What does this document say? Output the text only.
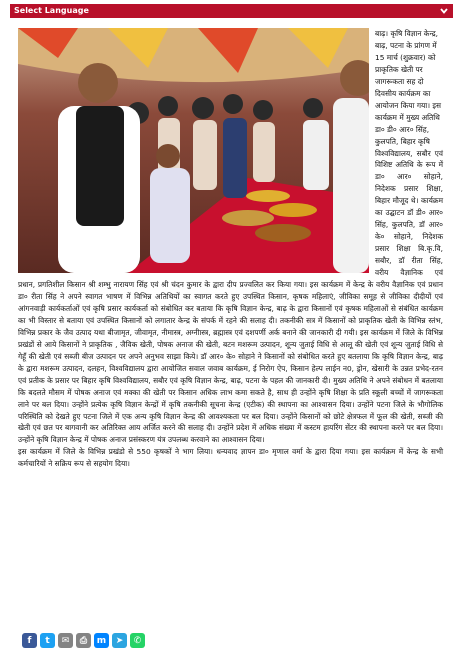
Select Language

बाढ़। कृषि विज्ञान केन्द्र, बाढ़, पटना के प्रांगण में 15 मार्च (शुक्रवार) को प्राकृतिक खेती पर जागरूकता सह दो दिवसीय कार्यक्रम का आयोजन किया गया। इस कार्यक्रम में मुख्य अतिथि डा० डी० आर० सिंह, कुलपति, बिहार कृषि

विश्वविद्यालय, सबौर एवं विशिष्ट अतिथि के रूप में डा० आर० सोहाने, निदेशक प्रसार शिक्षा, बिहार मौजूद थे। कार्यक्रम का उद्घाटन डॉ डी० आर० सिंह, कुलपति, डॉ आर० के० सोहाने, निदेशक प्रसार शिक्षा बि.कृ.वि, सबौर, डॉ रीता सिंह, वरीय वैज्ञानिक एवं प्रधान, प्रगतिशील किसान श्री शम्भु नारायण सिंह एवं श्री चंदन कुमार के द्वारा दीप प्रज्वलित कर किया गया। इस कार्यक्रम में केन्द्र के वरीय वैज्ञानिक एवं प्रधान डा० रीता सिंह ने अपने स्वागत भाषण में विभिन्न अतिथियों का स्वागत करते हुए उपस्थित किसान, कृषक महिलाएं, जीविका समूह से जीविका दीदीयों एवं आंगनवाड़ी कार्यकर्ताओं एवं कृषि प्रसार कार्यकर्ता को संबोधित कर बताया कि कृषि विज्ञान केन्द्र, बाढ़ के द्वारा किसानों एवं कृषक महिलाओं से संबंधित कार्यक्रम का भी विस्तार से बताया एवं उपस्थित किसानों को लगातार केन्द्र के संपर्क में रहने की सलाह दी। तकनीकी सत्र में किसानों को प्राकृतिक खेती के विभिन्न स्तंभ, विभिन्न प्रकार के जैव उत्पाद यथा बीजामृत, जीवामृत, नीमास्त्र, अग्नीास्त्र, ब्रह्मास्त्र एवं दशपर्णी अर्क बनाने की जानकारी दी गयी। इस कार्यक्रम में जिले के विभिन्न प्रखंडों से आये किसानों ने प्राकृतिक , जैविक खेती, पोषक अनाज की खेती, बटन मशरूम उत्पादन, शून्य जुताई विधि से आलू की खेती एवं शून्य जुताई विधि से गेहूँ की खेती एवं सब्जी बीज उत्पादन पर अपने अनुभव साझा किये। डॉ आर० के० सोहाने ने किसानों को संबोधित करते हुए बतलाया कि कृषि विज्ञान केन्द्र, बाढ़ के द्वारा मशरूम उत्पादन, दलहन, विश्वविद्यालय द्वारा आयोजित सवाल जवाब कार्यक्रम, ई निरोग ऐप, किसान हेल्प लाईन न0, ड्रोन, खेसारी के उन्नत प्रभेद-रतन एवं प्रतीक के प्रसार पर बिहार कृषि विश्वविद्यालय, सबौर एवं कृषि विज्ञान केन्द्र, बाढ़, पटना के पहल की जानकारी दी। मुख्य अतिथि ने अपने संबोधन में बतलाया कि बदलते मौसम में पोषक अनाज एवं मक्का की खेती पर किसान अधिक लाभ कमा सकते है, साथ ही उन्होंने कृषि शिक्षा के प्रति स्कूली बच्चों में जागरूकता लाने पर बल दिया। उन्होंने प्रत्येक कृषि विज्ञान केन्द्रों में कृषि तकनीकी सूचना केन्द्र (एटीक) की स्थापना का आश्वासन दिया। उन्होंने पटना जिले के भौगोलिक परिस्थिति को देखते हुए पटना जिले में एक अन्य कृषि विज्ञान केन्द्र की आवश्यकता पर बल दिया। उन्होंने किसानों को छोटे क्षेत्रफल में फूल की खेती, सब्जी की खेती एवं छत पर बागवानी कर अतिरिक्त आय अर्जित करने की सलाह दी। उन्होंने प्रदेश में अधिक संख्या में कस्टम हायरिंग सेंटर की स्थापना करने पर बल दिया। उन्होंने कृषि विज्ञान केन्द्र में पोषक अनाज प्रसंस्करण यंत्र उपलब्ध करवाने का आश्वासन दिया।

इस कार्यक्रम में जिले के विभिन्न प्रखंडो से 550 कृषकों ने भाग लिया। धन्यवाद ज्ञापन डा० मृणाल वर्मा के द्वारा दिया गया। इस कार्यक्रम में केन्द्र के सभी कर्मचारियों ने सक्रिय रूप से सहयोग दिया।

f t ✉ ⎙ m ➤ ✆
